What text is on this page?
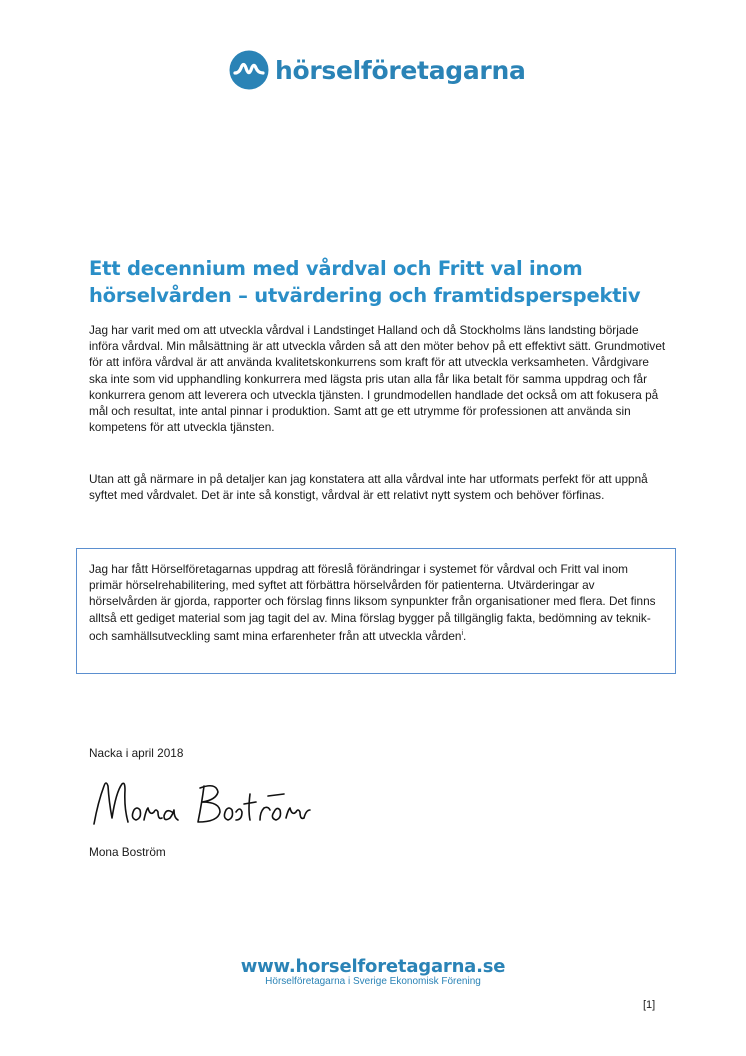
hörselföretagarna
Ett decennium med vårdval och Fritt val inom hörselvården – utvärdering och framtidsperspektiv

Jag har varit med om att utveckla vårdval i Landstinget Halland och då Stockholms läns landsting började införa vårdval. Min målsättning är att utveckla vården så att den möter behov på ett effektivt sätt. Grundmotivet för att införa vårdval är att använda kvalitetskonkurrens som kraft för att utveckla verksamheten. Vårdgivare ska inte som vid upphandling konkurrera med lägsta pris utan alla får lika betalt för samma uppdrag och får konkurrera genom att leverera och utveckla tjänsten. I grundmodellen handlade det också om att fokusera på mål och resultat, inte antal pinnar i produktion. Samt att ge ett utrymme för professionen att använda sin kompetens för att utveckla tjänsten.

Utan att gå närmare in på detaljer kan jag konstatera att alla vårdval inte har utformats perfekt för att uppnå syftet med vårdvalet. Det är inte så konstigt, vårdval är ett relativt nytt system och behöver förfinas.

Jag har fått Hörselföretagarnas uppdrag att föreslå förändringar i systemet för vårdval och Fritt val inom primär hörselrehabilitering, med syftet att förbättra hörselvården för patienterna. Utvärderingar av hörselvården är gjorda, rapporter och förslag finns liksom synpunkter från organisationer med flera. Det finns alltså ett gediget material som jag tagit del av. Mina förslag bygger på tillgänglig fakta, bedömning av teknik- och samhällsutveckling samt mina erfarenheter från att utveckla vården$^i$.

Nacka i april 2018
Mona Boström
www.horselforetagarna.se
Hörselföretagarna i Sverige Ekonomisk Förening
[1]
